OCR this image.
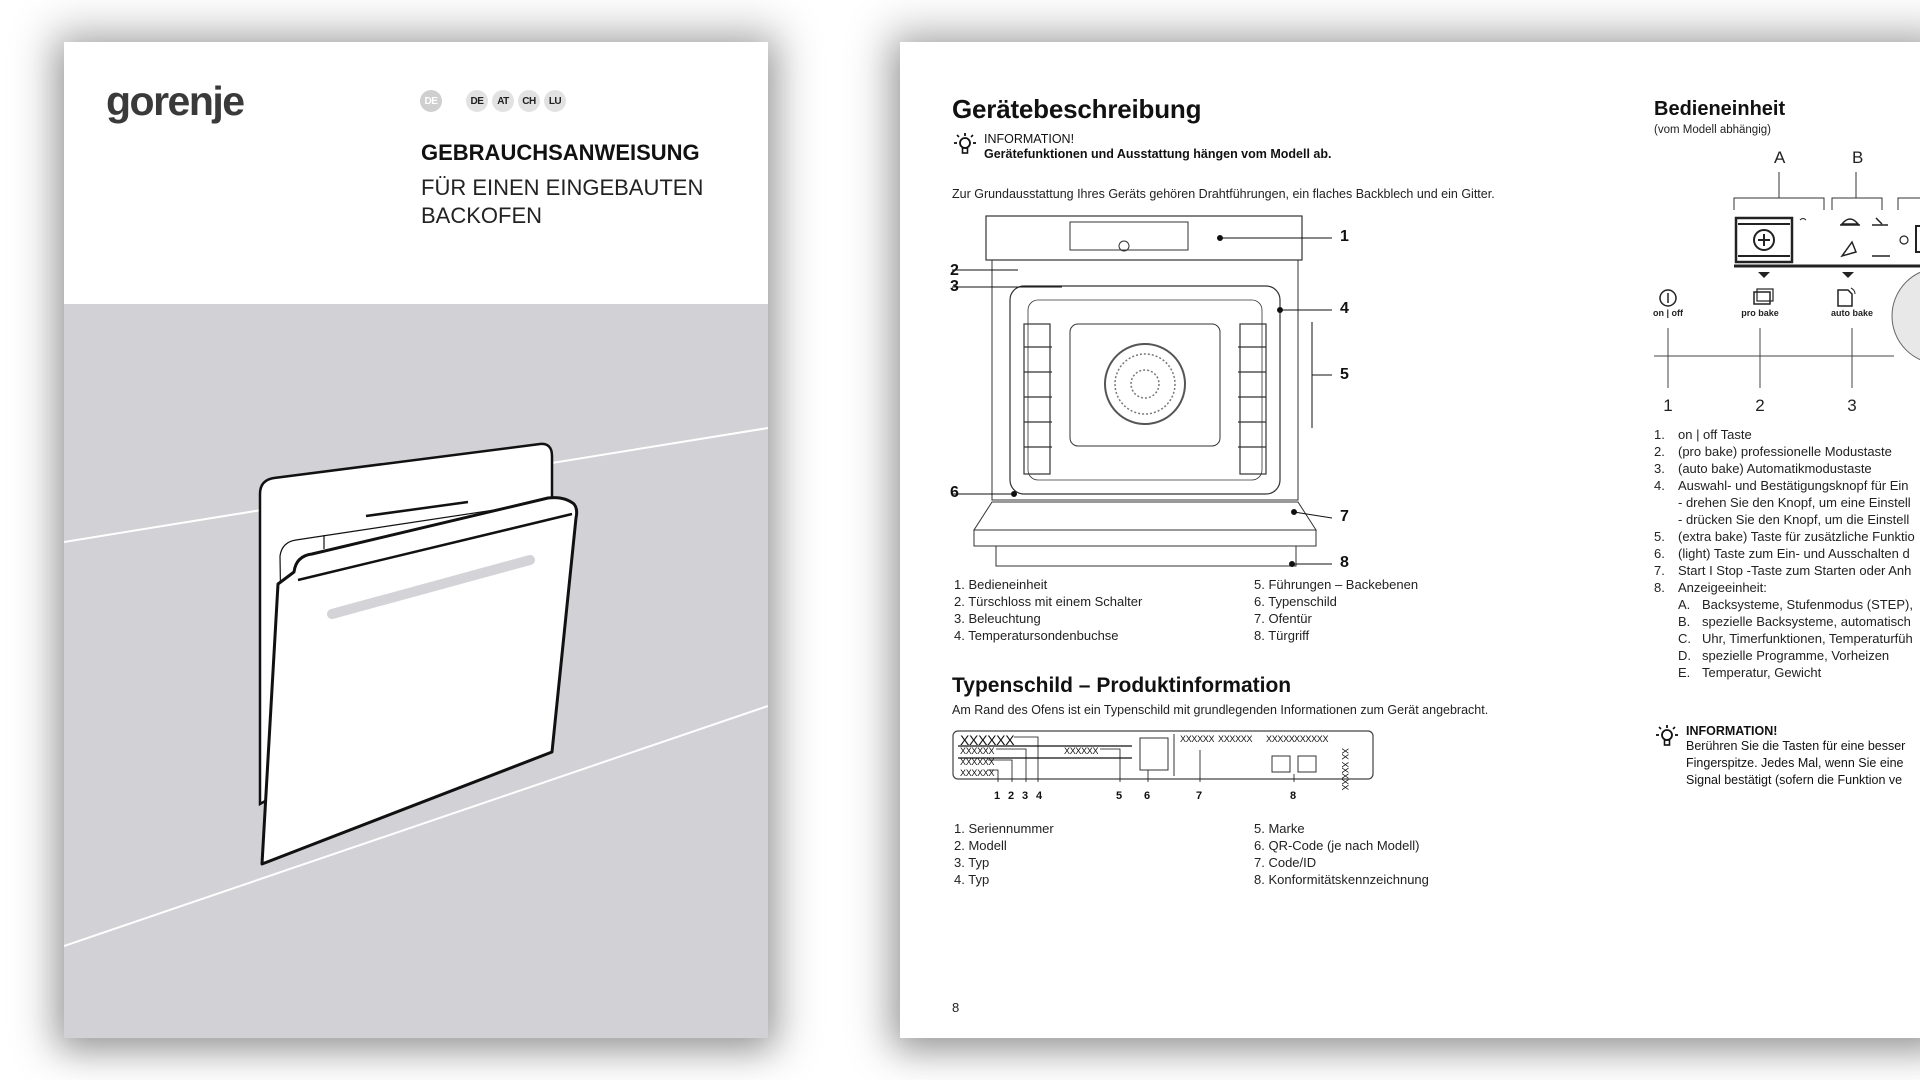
gorenje	DE	DE	AT	CH	LU
GEBRAUCHSANWEISUNG
FÜR EINEN EINGEBAUTEN BACKOFEN
Gerätebeschreibung
INFORMATION!
Gerätefunktionen und Ausstattung hängen vom Modell ab.
Zur Grundausstattung Ihres Geräts gehören Drahtführungen, ein flaches Backblech und ein Gitter.
1
2
3
4
5
6
7
8
1. Bedieneinheit
2. Türschloss mit einem Schalter
3. Beleuchtung
4. Temperatursondenbuchse
5. Führungen – Backebenen
6. Typenschild
7. Ofentür
8. Türgriff
Typenschild – Produktinformation
Am Rand des Ofens ist ein Typenschild mit grundlegenden Informationen zum Gerät angebracht.
XXXXXX
XXXXXX
XXXXXX
XXXXXX
XXXXXX
XXXXXX XXXXXX XXXXX XXXXXX
XX XXXXX
1 2 3 4	5 6	7	8
1. Seriennummer
2. Modell
3. Typ
4. Typ
5. Marke
6. QR-Code (je nach Modell)
7. Code/ID
8. Konformitätskennzeichnung
8
Bedieneinheit
(vom Modell abhängig)
A	B
on | off	pro bake	auto bake
1	2	3
1.	on | off Taste
2.	(pro bake) professionelle Modustaste
3.	(auto bake) Automatikmodustaste
4.	Auswahl- und Bestätigungsknopf für Ein
- drehen Sie den Knopf, um eine Einstell
- drücken Sie den Knopf, um die Einstell
5.	(extra bake) Taste für zusätzliche Funktio
6.	(light) Taste zum Ein- und Ausschalten d
7.	Start I Stop -Taste zum Starten oder Anh
8.	Anzeigeeinheit:
A. Backsysteme, Stufenmodus (STEP),
B. spezielle Backsysteme, automatisch
C. Uhr, Timerfunktionen, Temperaturfüh
D. spezielle Programme, Vorheizen
E. Temperatur, Gewicht
INFORMATION!
Berühren Sie die Tasten für eine besser
Fingerspitze. Jedes Mal, wenn Sie eine
Signal bestätigt (sofern die Funktion ve
